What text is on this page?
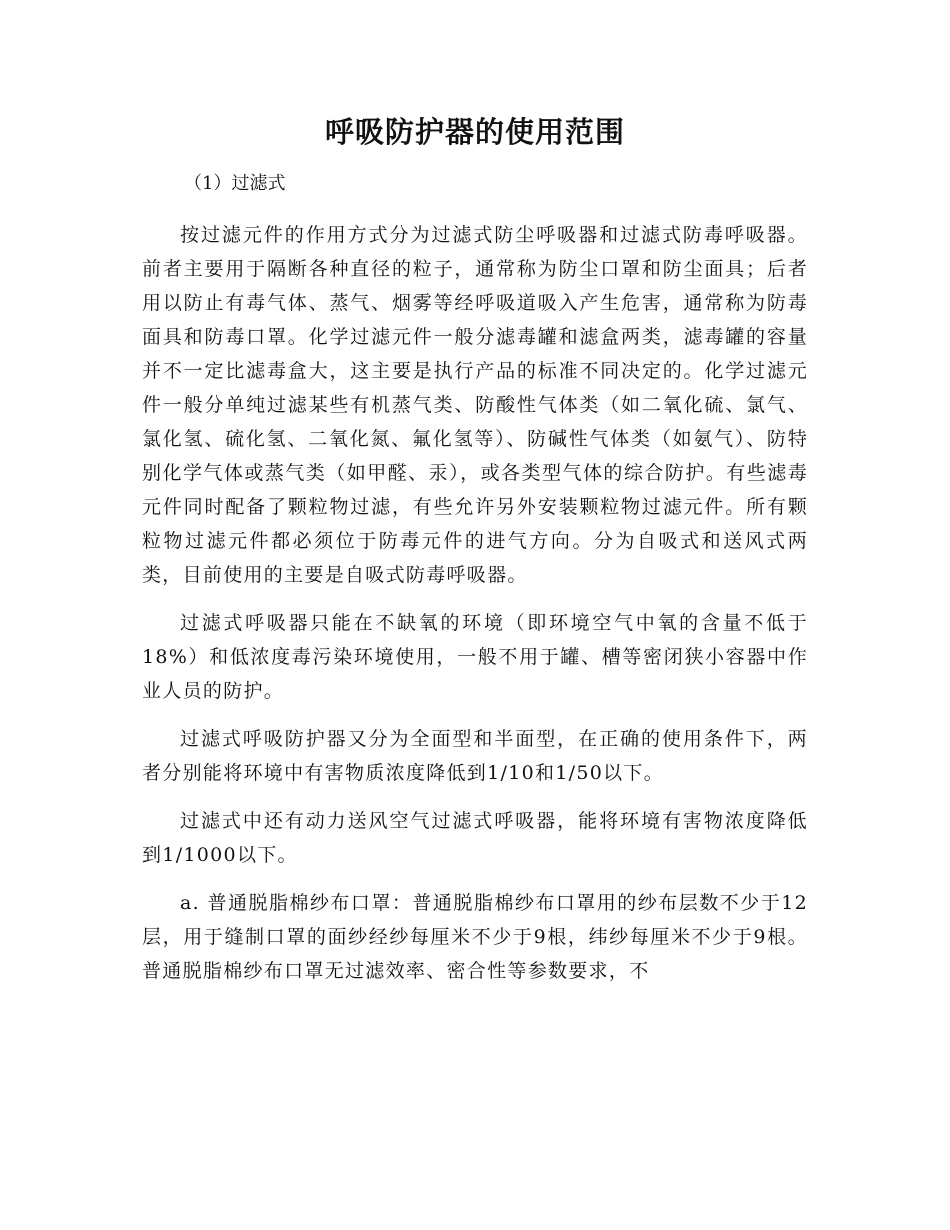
呼吸防护器的使用范围
（1）过滤式

按过滤元件的作用方式分为过滤式防尘呼吸器和过滤式防毒呼吸器。前者主要用于隔断各种直径的粒子，通常称为防尘口罩和防尘面具；后者用以防止有毒气体、蒸气、烟雾等经呼吸道吸入产生危害，通常称为防毒面具和防毒口罩。化学过滤元件一般分滤毒罐和滤盒两类，滤毒罐的容量并不一定比滤毒盒大，这主要是执行产品的标准不同决定的。化学过滤元件一般分单纯过滤某些有机蒸气类、防酸性气体类（如二氧化硫、氯气、氯化氢、硫化氢、二氧化氮、氟化氢等）、防碱性气体类（如氨气）、防特别化学气体或蒸气类（如甲醛、汞），或各类型气体的综合防护。有些滤毒元件同时配备了颗粒物过滤，有些允许另外安装颗粒物过滤元件。所有颗粒物过滤元件都必须位于防毒元件的进气方向。分为自吸式和送风式两类，目前使用的主要是自吸式防毒呼吸器。

过滤式呼吸器只能在不缺氧的环境（即环境空气中氧的含量不低于18%）和低浓度毒污染环境使用，一般不用于罐、槽等密闭狭小容器中作业人员的防护。

过滤式呼吸防护器又分为全面型和半面型，在正确的使用条件下，两者分别能将环境中有害物质浓度降低到1/10和1/50以下。

过滤式中还有动力送风空气过滤式呼吸器，能将环境有害物浓度降低到1/1000以下。

a. 普通脱脂棉纱布口罩：普通脱脂棉纱布口罩用的纱布层数不少于12层，用于缝制口罩的面纱经纱每厘米不少于9根，纬纱每厘米不少于9根。普通脱脂棉纱布口罩无过滤效率、密合性等参数要求，不
